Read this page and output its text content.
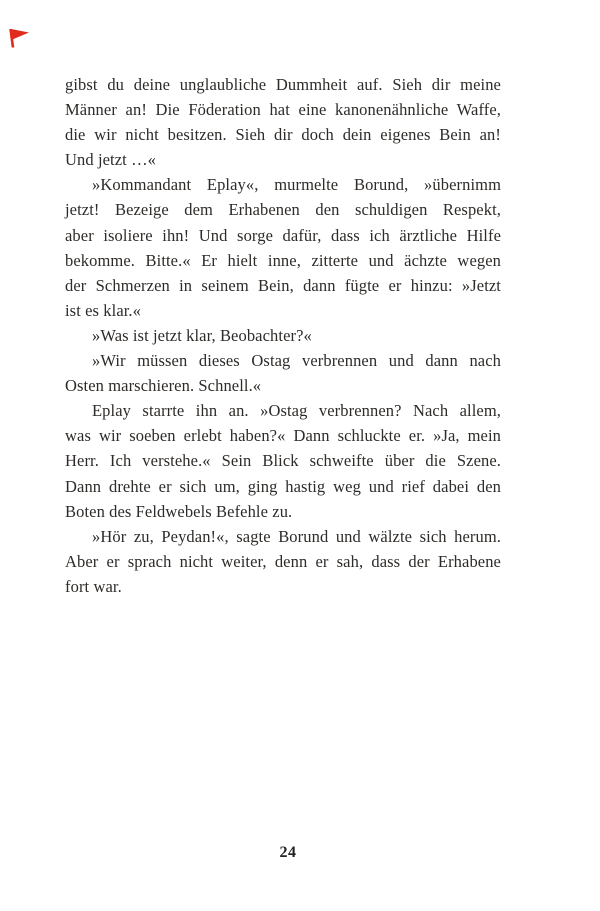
gibst du deine unglaubliche Dummheit auf. Sieh dir meine
Männer an! Die Föderation hat eine kanonenähnliche Waffe,
die wir nicht besitzen. Sieh dir doch dein eigenes Bein an!
Und jetzt …«
»Kommandant Eplay«, murmelte Borund, »übernimm
jetzt! Bezeige dem Erhabenen den schuldigen Respekt,
aber isoliere ihn! Und sorge dafür, dass ich ärztliche Hilfe
bekomme. Bitte.« Er hielt inne, zitterte und ächzte wegen
der Schmerzen in seinem Bein, dann fügte er hinzu: »Jetzt
ist es klar.«
»Was ist jetzt klar, Beobachter?«
»Wir müssen dieses Ostag verbrennen und dann nach
Osten marschieren. Schnell.«
Eplay starrte ihn an. »Ostag verbrennen? Nach allem,
was wir soeben erlebt haben?« Dann schluckte er. »Ja, mein
Herr. Ich verstehe.« Sein Blick schweifte über die Szene.
Dann drehte er sich um, ging hastig weg und rief dabei den
Boten des Feldwebels Befehle zu.
»Hör zu, Peydan!«, sagte Borund und wälzte sich herum.
Aber er sprach nicht weiter, denn er sah, dass der Erhabene
fort war.
24
